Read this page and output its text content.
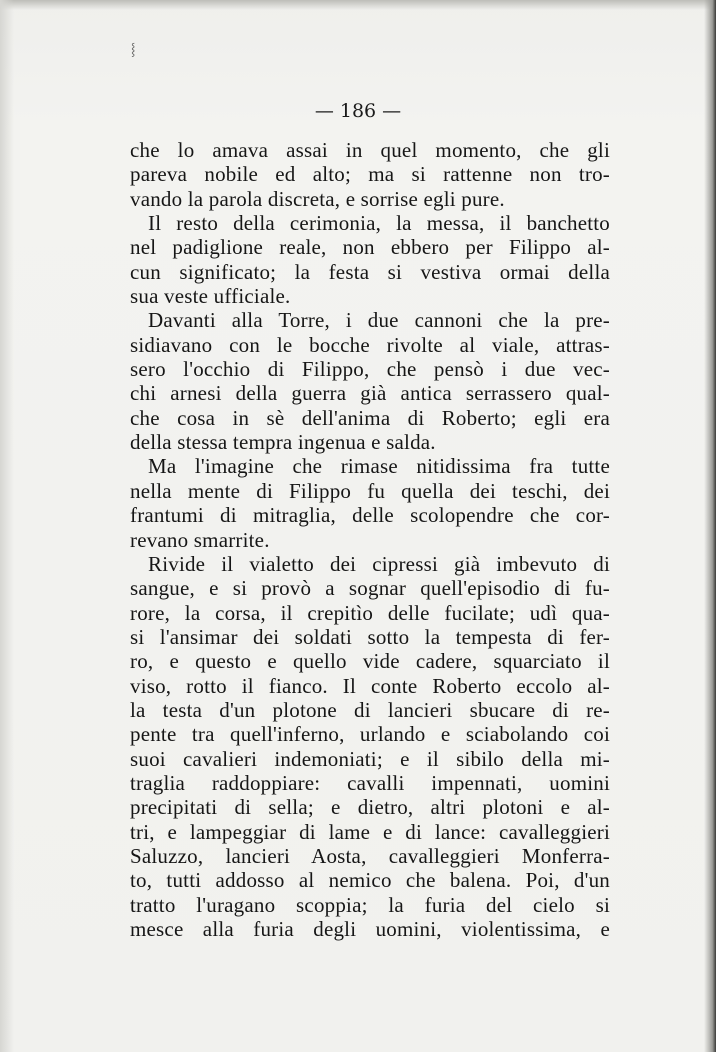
⸾
— 186 —
che lo amava assai in quel momento, che gli
pareva nobile ed alto; ma si rattenne non tro-
vando la parola discreta, e sorrise egli pure.
Il resto della cerimonia, la messa, il banchetto
nel padiglione reale, non ebbero per Filippo al-
cun significato; la festa si vestiva ormai della
sua veste ufficiale.
Davanti alla Torre, i due cannoni che la pre-
sidiavano con le bocche rivolte al viale, attras-
sero l'occhio di Filippo, che pensò i due vec-
chi arnesi della guerra già antica serrassero qual-
che cosa in sè dell'anima di Roberto; egli era
della stessa tempra ingenua e salda.
Ma l'imagine che rimase nitidissima fra tutte
nella mente di Filippo fu quella dei teschi, dei
frantumi di mitraglia, delle scolopendre che cor-
revano smarrite.
Rivide il vialetto dei cipressi già imbevuto di
sangue, e si provò a sognar quell'episodio di fu-
rore, la corsa, il crepitìo delle fucilate; udì qua-
si l'ansimar dei soldati sotto la tempesta di fer-
ro, e questo e quello vide cadere, squarciato il
viso, rotto il fianco. Il conte Roberto eccolo al-
la testa d'un plotone di lancieri sbucare di re-
pente tra quell'inferno, urlando e sciabolando coi
suoi cavalieri indemoniati; e il sibilo della mi-
traglia raddoppiare: cavalli impennati, uomini
precipitati di sella; e dietro, altri plotoni e al-
tri, e lampeggiar di lame e di lance: cavalleggieri
Saluzzo, lancieri Aosta, cavalleggieri Monferra-
to, tutti addosso al nemico che balena. Poi, d'un
tratto l'uragano scoppia; la furia del cielo si
mesce alla furia degli uomini, violentissima, e
